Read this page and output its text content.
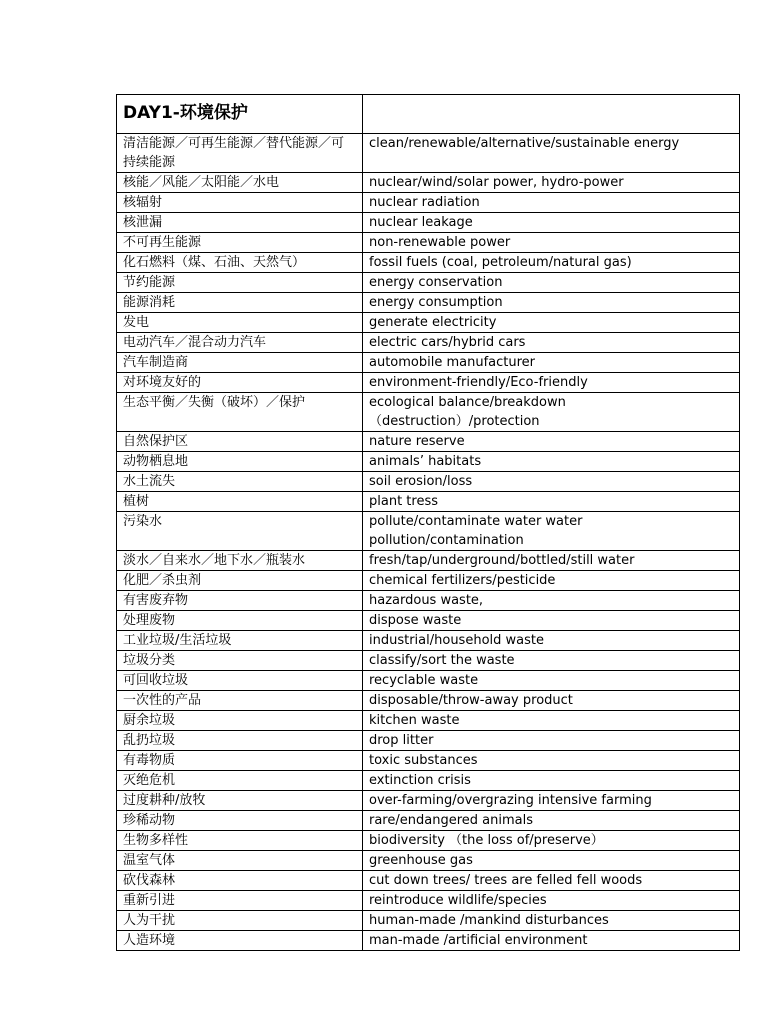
DAY1-环境保护	
清洁能源／可再生能源／替代能源／可持续能源	clean/renewable/alternative/sustainable energy
核能／风能／太阳能／水电	nuclear/wind/solar power, hydro-power
核辐射	nuclear radiation
核泄漏	nuclear leakage
不可再生能源	non-renewable power
化石燃料（煤、石油、天然气）	fossil fuels (coal, petroleum/natural gas)
节约能源	energy conservation
能源消耗	energy consumption
发电	generate electricity
电动汽车／混合动力汽车	electric cars/hybrid cars
汽车制造商	automobile manufacturer
对环境友好的	environment-friendly/Eco-friendly
生态平衡／失衡（破坏）／保护	ecological balance/breakdown（destruction）/protection
自然保护区	nature reserve
动物栖息地	animals’ habitats
水土流失	soil erosion/loss
植树	plant tress
污染水	pollute/contaminate water water pollution/contamination
淡水／自来水／地下水／瓶装水	fresh/tap/underground/bottled/still water
化肥／杀虫剂	chemical fertilizers/pesticide
有害废弃物	hazardous waste,
处理废物	dispose waste
工业垃圾/生活垃圾	industrial/household waste
垃圾分类	classify/sort the waste
可回收垃圾	recyclable waste
一次性的产品	disposable/throw-away product
厨余垃圾	kitchen waste
乱扔垃圾	drop litter
有毒物质	toxic substances
灭绝危机	extinction crisis
过度耕种/放牧	over-farming/overgrazing intensive farming
珍稀动物	rare/endangered animals
生物多样性	biodiversity （the loss of/preserve）
温室气体	greenhouse gas
砍伐森林	cut down trees/ trees are felled fell woods
重新引进	reintroduce wildlife/species
人为干扰	human-made /mankind disturbances
人造环境	man-made /artificial environment
